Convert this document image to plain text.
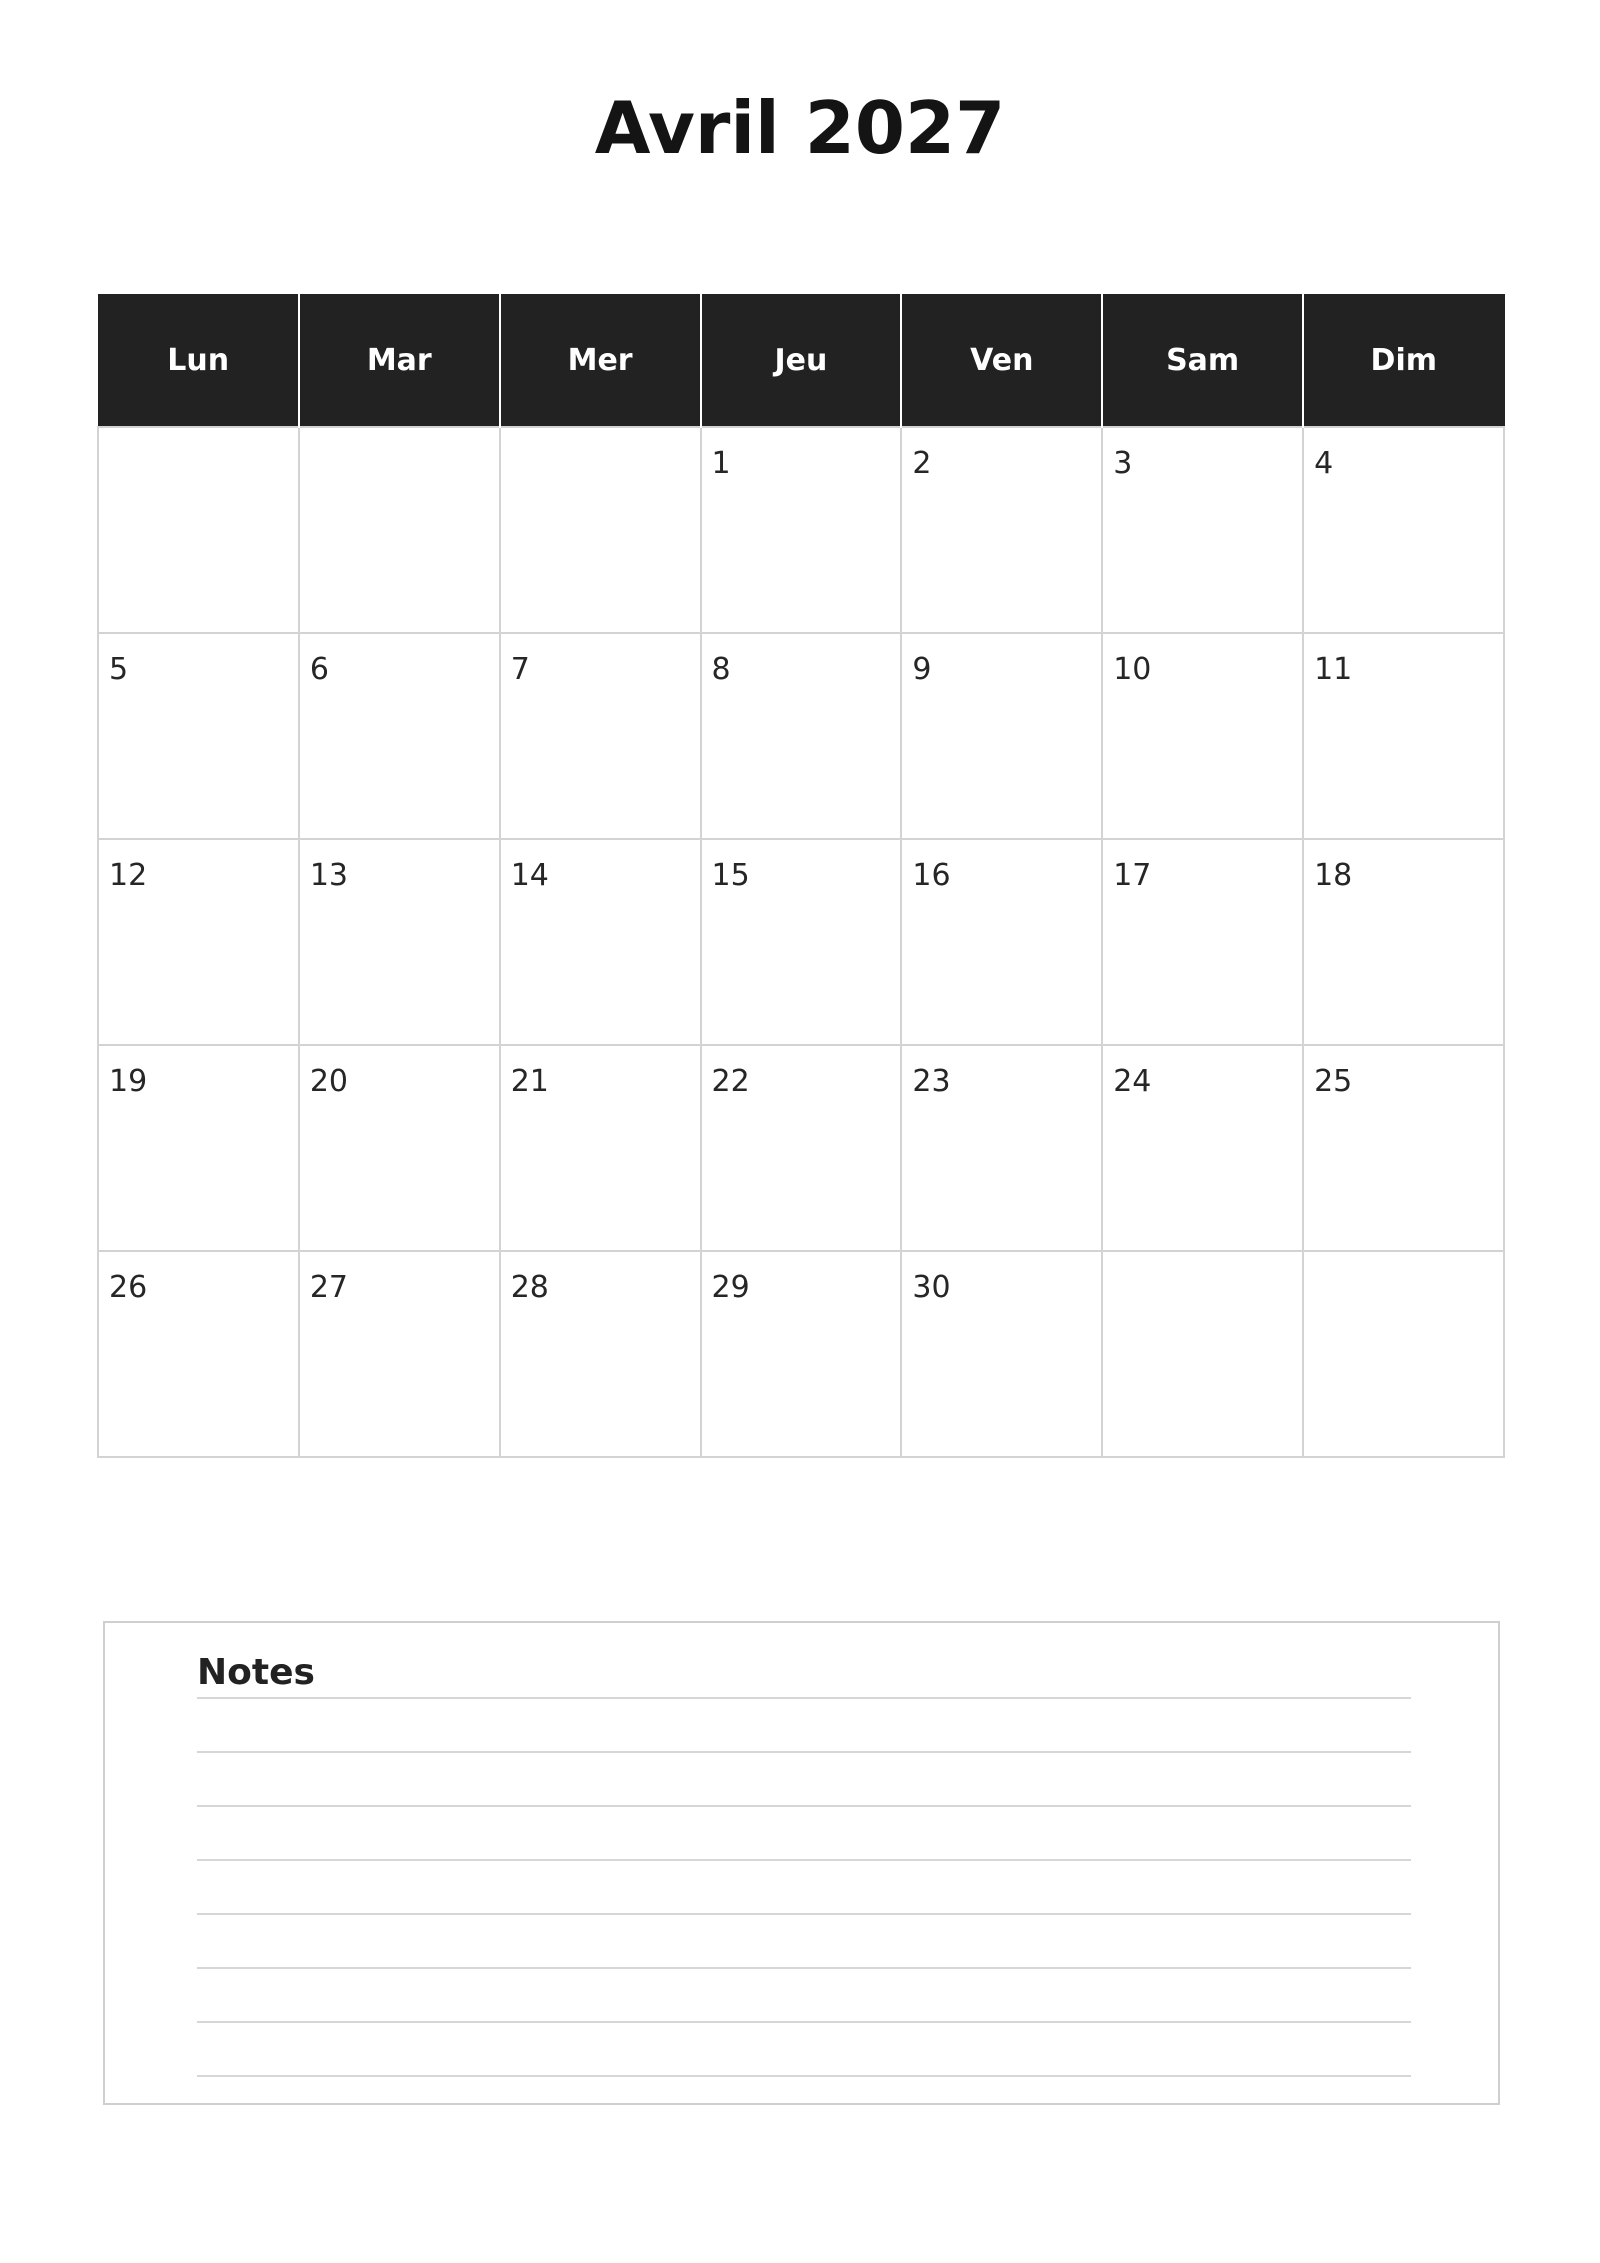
Avril 2027
Lun	Mar	Mer	Jeu	Ven	Sam	Dim
			1	2	3	4
5	6	7	8	9	10	11
12	13	14	15	16	17	18
19	20	21	22	23	24	25
26	27	28	29	30		
Notes
